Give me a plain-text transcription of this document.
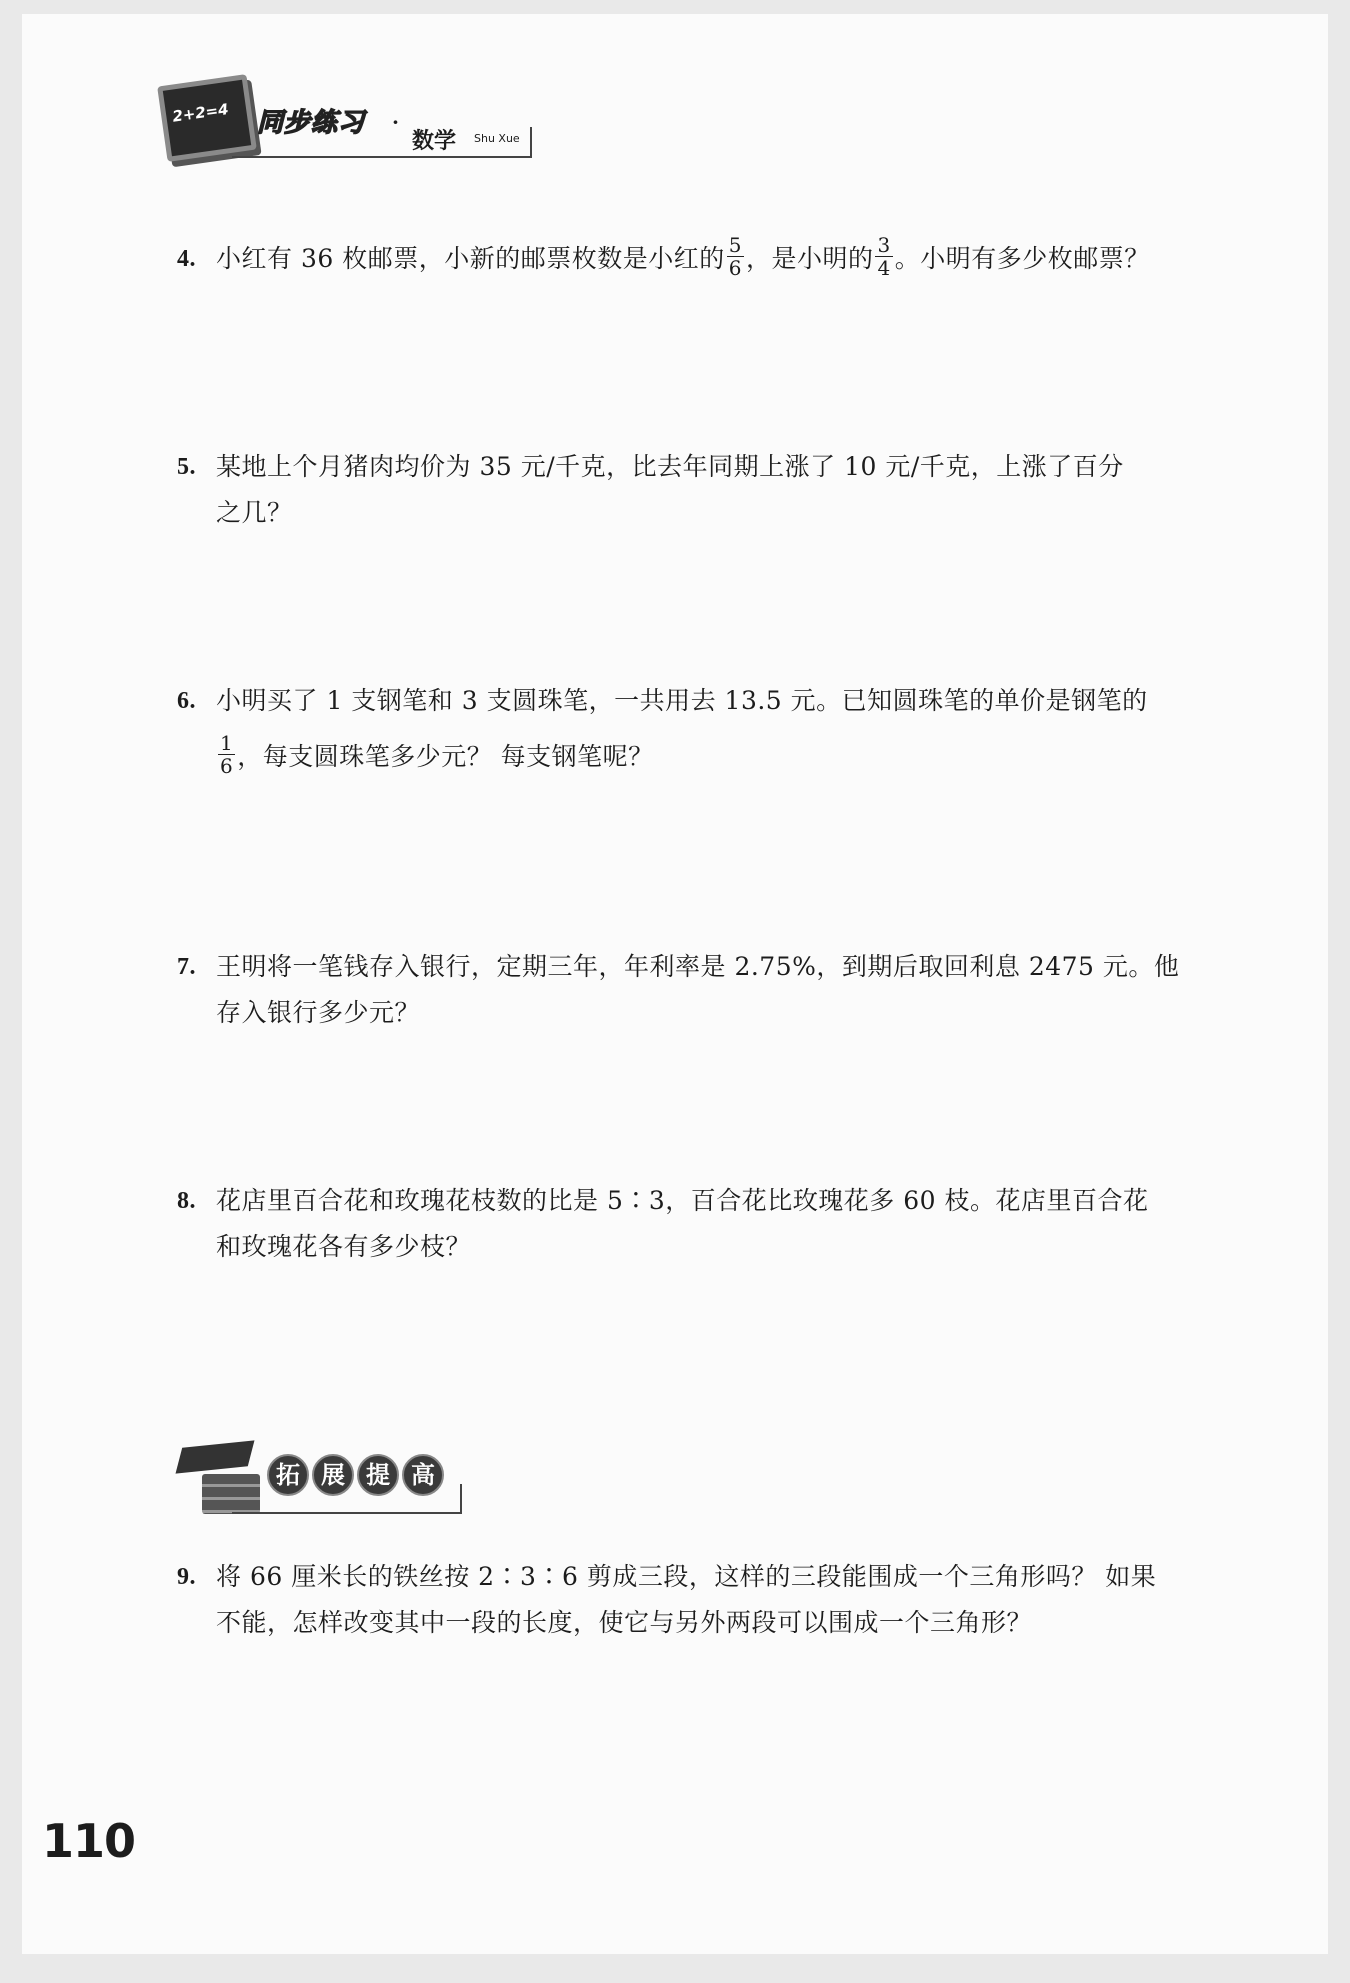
2+2=4 同步练习 ·
数学 Shu Xue
4. 小红有 36 枚邮票，小新的邮票枚数是小红的 $\frac{5}{6}$ ，是小明的 $\frac{3}{4}$ 。小明有多少枚邮票？
5. 某地上个月猪肉均价为 35 元/千克，比去年同期上涨了 10 元/千克，上涨了百分
之几？
6. 小明买了 1 支钢笔和 3 支圆珠笔，一共用去 13.5 元。已知圆珠笔的单价是钢笔的
$\frac{1}{6}$ ，每支圆珠笔多少元？ 每支钢笔呢？
7. 王明将一笔钱存入银行，定期三年，年利率是 2.75%，到期后取回利息 2475 元。他
存入银行多少元？
8. 花店里百合花和玫瑰花枝数的比是 5∶3，百合花比玫瑰花多 60 枝。花店里百合花
和玫瑰花各有多少枝？
拓 展 提 高
9. 将 66 厘米长的铁丝按 2∶3∶6 剪成三段，这样的三段能围成一个三角形吗？ 如果
不能，怎样改变其中一段的长度，使它与另外两段可以围成一个三角形？
110
